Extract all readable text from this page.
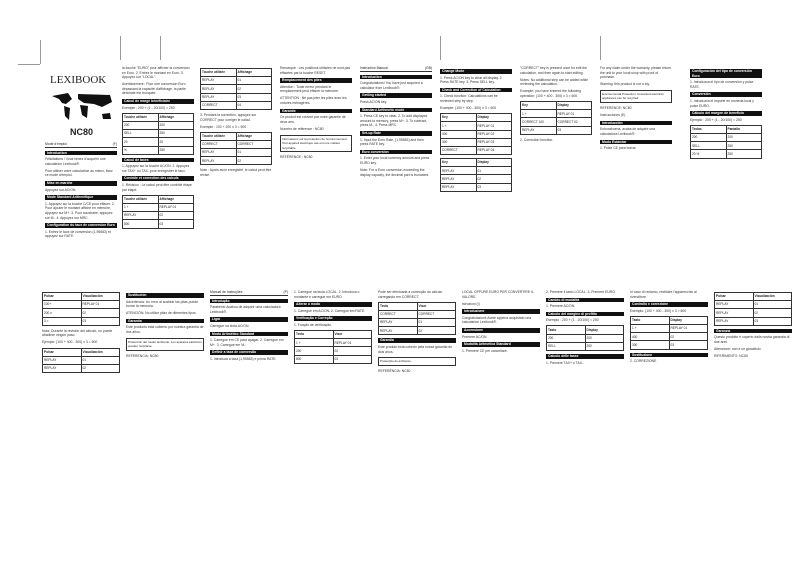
LEXIBOOK
NC80
Mode d'emploi	(F)
Introduction
Félicitations ! Vous venez d'acquérir une calculatrice Lexibook®.
Pour utiliser votre calculatrice au mieux, lisez ce mode d'emploi.
Mise en marche
Appuyez sur AC/ON.
Mode Standard Arithmétique
1. Appuyez sur la touche C/CE pour effacer. 2. Pour ajouter le montant affiché en mémoire, appuyez sur M+. 3. Pour soustraire, appuyez sur M-. 4. Appuyez sur MRC.
Configuration du taux de conversion Euro
1. Entrez le taux de conversion (1,95583) et appuyez sur RATE.
la touche "EURO" pour afficher la conversion en Euro. 2. Entrez le montant en Euro. 3. Appuyez sur "LOCAL".
Avertissement : Pour une conversion Euro dépassant la capacité d'affichage, la partie décimale est tronquée.
Calcul de marge bénéficiaire
Exemple : 200 + (1 - 20/100) = 250
Touche utilisée	Affichage
200	200
SELL	250
20	20
%	250
Calcul de taxes
1. Appuyez sur la touche AC/ON. 2. Appuyez sur TAX+ ou TAX- pour enregistrer le taux.
Contrôle et correction des calculs
1. Révision : Le calcul peut être contrôlé étape par étape.
Touche utilisée	Affichage
1 +	REPLAY 01
REPLAY	02
800	03
Touche utilisée	Affichage
REPLAY	01
REPLAY	02
REPLAY	03
CORRECT	04
3. Pendant la correction, appuyez sur CORRECT pour corriger le calcul.
Exemple : 100 + 200 x 3 = 900
Touche utilisée	Affichage
CORRECT	CORRECT
REPLAY	01
REPLAY	02
Note : Après avoir enregistré, le calcul peut être révisé.
Remarque : Les positions utilisées ne sont pas effacées par la touche RESET.
Remplacement des piles
Attention : Toute erreur pendant le remplacement peut effacer la mémoire.
ATTENTION : Ne pas jeter les piles avec les ordures ménagères.
Garantie
Ce produit est couvert par notre garantie de deux ans.
Numéro de référence : NC80
Informations sur la protection de l'environnement. Tout appareil électrique usé est une matière recyclable.
RÉFÉRENCE : NC80
Instruction Manual	(GB)
Introduction
Congratulations! You have just acquired a calculator from Lexibook®.
Getting started
Press AC/ON key.
Standard Arithmetic mode
1. Press CE key to clear. 2. To add displayed amount to memory, press M+. 3. To subtract, press M-. 4. Press MRC.
Set-up Rate
1. Input the Euro Rate, (1.95583) and then press RATE key.
Euro conversion
1. Enter your local currency amount and press EURO key.
Note: For a Euro conversion exceeding the display capacity, the decimal part is truncated.
Change Mode
1. Press AC/ON key to clear all display. 2. Press RATE key. 3. Press SELL key.
Check and Correction of Calculation
1. Check function: Calculations can be reviewed step by step.
Example: (100 + 400 - 300) x 3 = 600
Key	Display
1 +	REPLAY 01
400	REPLAY 02
300	REPLAY 03
CORRECT	REPLAY 04
Key	Display
REPLAY	01
REPLAY	02
REPLAY	03
"CORRECT" key is pressed once for edit the calculation, and then again to start editing.
Notes: No additional step can be added while reviewing the calculation.
Example: you have entered the following operation: (100 + 400 - 300) x 3 = 600
Key	Display
1 +	REPLAY 01
CORRECT 100	CORRECT 02
REPLAY	03
2. Correction function.
For any claim under the warranty, please return the unit to your local shop with proof of purchase.
Warning: this product is not a toy.
Environmental Protection: Unwanted electrical appliances can be recycled.
REFERENCE: NC80
Instrucciones (E)
Introducción
Enhorabuena, acaba de adquirir una calculadora Lexibook®.
Modo Estándar
1. Pulse CE para borrar.
Configuración del tipo de conversión Euro
1. Introduzca el tipo de conversión y pulse RATE.
Conversión
1. Introduzca el importe en moneda local y pulse EURO.
Cálculo del margen de beneficio
Ejemplo : 200 + (1 - 20/100) = 250
Teclas	Pantalla
200	200
SELL	250
20 %	250
Pulsar	Visualización
100+	REPLAY 01
200 x	02
3 =	03
Nota: Durante la revisión del cálculo, no puede añadirse ningún paso.
Ejemplo: (100 + 400 - 300) x 3 = 600
Pulsar	Visualización
REPLAY	01
REPLAY	02
Sustitución
Advertencia: Un error al sustituir las pilas puede borrar la memoria.
ATENCIÓN: No utilice pilas de diferentes tipos.
Garantía
Este producto está cubierto por nuestra garantía de dos años.
Protección del medio ambiente. Los aparatos eléctricos pueden reciclarse.
REFERENCIA: NC80
Manual de Instruções	(P)
Introdução
Parabéns! Acabou de adquirir uma calculadora Lexibook®.
Ligar
Carregue na tecla AC/ON.
Modo Aritmético Standard
1. Carregue em CE para apagar. 2. Carregue em M+. 3. Carregue em M-.
Definir a taxa de conversão
1. Introduza a taxa (1,95583) e prima RATE.
1. Carregue na tecla LOCAL. 2. Introduza o montante e carregue em EURO.
Alterar o modo
1. Carregue em AC/ON. 2. Carregue em RATE.
Verificação e Correção
1. Função de verificação.
Tecla	Visor
1 +	REPLAY 01
200	02
800	03
Pode ser efectuada a correcção do cálculo carregando em CORRECT.
Tecla	Visor
CORRECT	CORRECT
REPLAY	01
REPLAY	02
Garantia
Este produto está coberto pela nossa garantia de dois anos.
Protecção do ambiente.
REFERÊNCIA: NC80
LOCAL OPPURE EURO PER CONVERTIRE IL VALORE.
Istruzioni (I)
Introduzione
Congratulazioni! Avete appena acquistato una calcolatrice Lexibook®.
Accensione
Premere AC/ON.
Modalità Aritmetica Standard
1. Premere CE per cancellare.
2. Premere il tasto LOCAL. 3. Premere EURO.
Cambio di modalità
1. Premere AC/ON.
Calcolo del margine di profitto
Esempio : 200 + (1 - 20/100) = 250
Tasto	Display
200	200
SELL	250
Calcolo delle tasse
1. Premere TAX+ o TAX-.
In caso di reclamo, restituire l'apparecchio al rivenditore.
Controllo e correzione
Esempio: (100 + 400 - 300) x 3 = 600
Tasto	Display
1 +	REPLAY 01
400	02
300	03
Sostituzione
2. CORREZIONE
Pulsar	Visualización
REPLAY	01
REPLAY	02
REPLAY	03
Garanzia
Questo prodotto è coperto dalla nostra garanzia di due anni.
Attenzione: non è un giocattolo.
RIFERIMENTO: NC80
